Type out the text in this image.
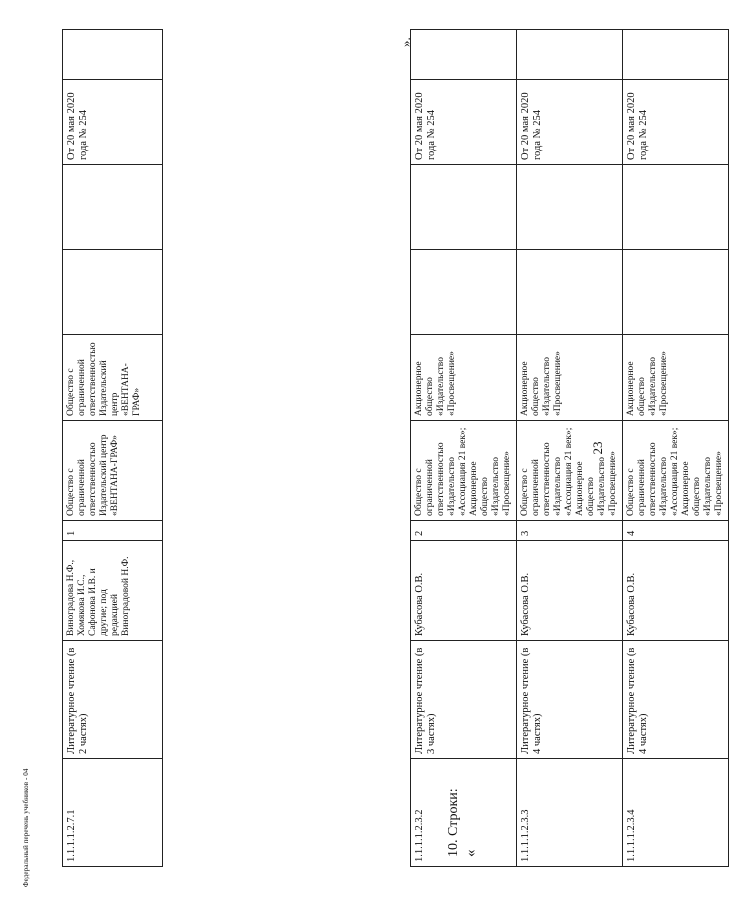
23
1.1.1.1.2.3.2	Литературное чтение (в 3 частях)	Кубасова О.В.	2	Общество с ограниченной ответственностью «Издательство «Ассоциация 21 век»; Акционерное общество «Издательство «Просвещение»	Акционерное общество «Издательство «Просвещение»			От 20 мая 2020 года № 254	
1.1.1.1.2.3.3	Литературное чтение (в 4 частях)	Кубасова О.В.	3	Общество с ограниченной ответственностью «Издательство «Ассоциация 21 век»; Акционерное общество «Издательство «Просвещение»	Акционерное общество «Издательство «Просвещение»			От 20 мая 2020 года № 254	
1.1.1.1.2.3.4	Литературное чтение (в 4 частях)	Кубасова О.В.	4	Общество с ограниченной ответственностью «Издательство «Ассоциация 21 век»; Акционерное общество «Издательство «Просвещение»	Акционерное общество «Издательство «Просвещение»			От 20 мая 2020 года № 254	
».
10. Строки: «
1.1.1.1.2.7.1	Литературное чтение (в 2 частях)	Виноградова Н.Ф., Хомякова И.С., Сафонова И.В. и другие; под редакцией Виноградовой Н.Ф.	1	Общество с ограниченной ответственностью Издательский центр «ВЕНТАНА-ГРАФ»	Общество с ограниченной ответственностью Издательский центр «ВЕНТАНА-ГРАФ»			От 20 мая 2020 года № 254	
Федеральный перечень учебников - 04
